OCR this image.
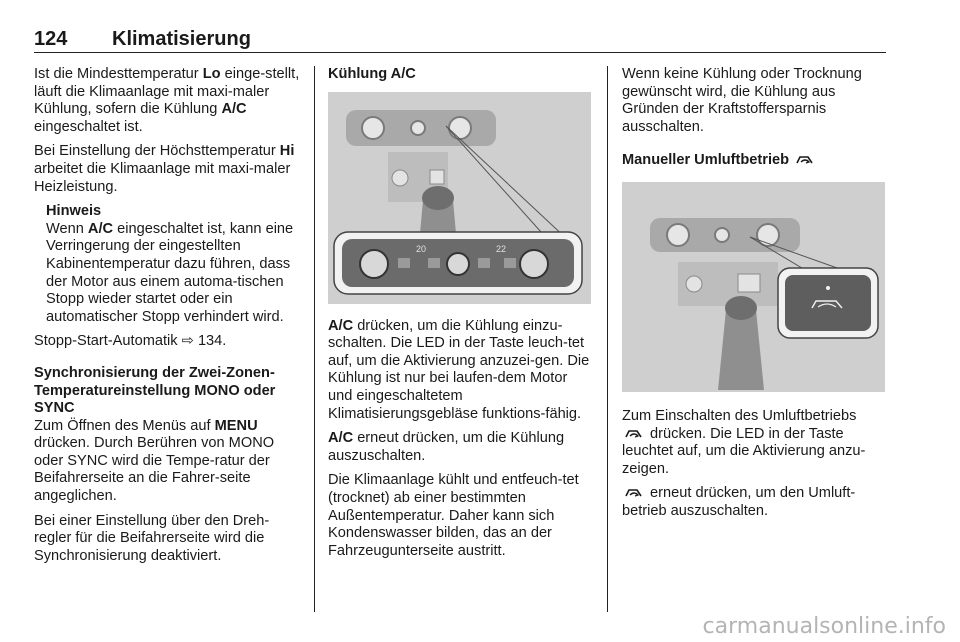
124 Klimatisierung

Ist die Mindesttemperatur Lo einge-stellt, läuft die Klimaanlage mit maxi-maler Kühlung, sofern die Kühlung A/C eingeschaltet ist.

Bei Einstellung der Höchsttemperatur Hi arbeitet die Klimaanlage mit maxi-maler Heizleistung.

Hinweis

Wenn A/C eingeschaltet ist, kann eine Verringerung der eingestellten Kabinentemperatur dazu führen, dass der Motor aus einem automa-tischen Stopp wieder startet oder ein automatischer Stopp verhindert wird.

Stopp-Start-Automatik ⇨ 134.

Synchronisierung der Zwei-Zonen-Temperatureinstellung MONO oder SYNC

Zum Öffnen des Menüs auf MENU drücken. Durch Berühren von MONO oder SYNC wird die Tempe-ratur der Beifahrerseite an die Fahrer-seite angeglichen.

Bei einer Einstellung über den Dreh-regler für die Beifahrerseite wird die Synchronisierung deaktiviert.

Kühlung A/C
20	22

A/C drücken, um die Kühlung einzu-schalten. Die LED in der Taste leuch-tet auf, um die Aktivierung anzuzei-gen. Die Kühlung ist nur bei laufen-dem Motor und eingeschaltetem Klimatisierungsgebläse funktions-fähig.

A/C erneut drücken, um die Kühlung auszuschalten.

Die Klimaanlage kühlt und entfeuch-tet (trocknet) ab einer bestimmten Außentemperatur. Daher kann sich Kondenswasser bilden, das an der Fahrzeugunterseite austritt.

Wenn keine Kühlung oder Trocknung gewünscht wird, die Kühlung aus Gründen der Kraftstoffersparnis ausschalten.

Manueller Umluftbetrieb

Zum Einschalten des Umluftbetriebs
drücken. Die LED in der Taste leuchtet auf, um die Aktivierung anzu-zeigen.

erneut drücken, um den Umluft-betrieb auszuschalten.

carmanualsonline.info
